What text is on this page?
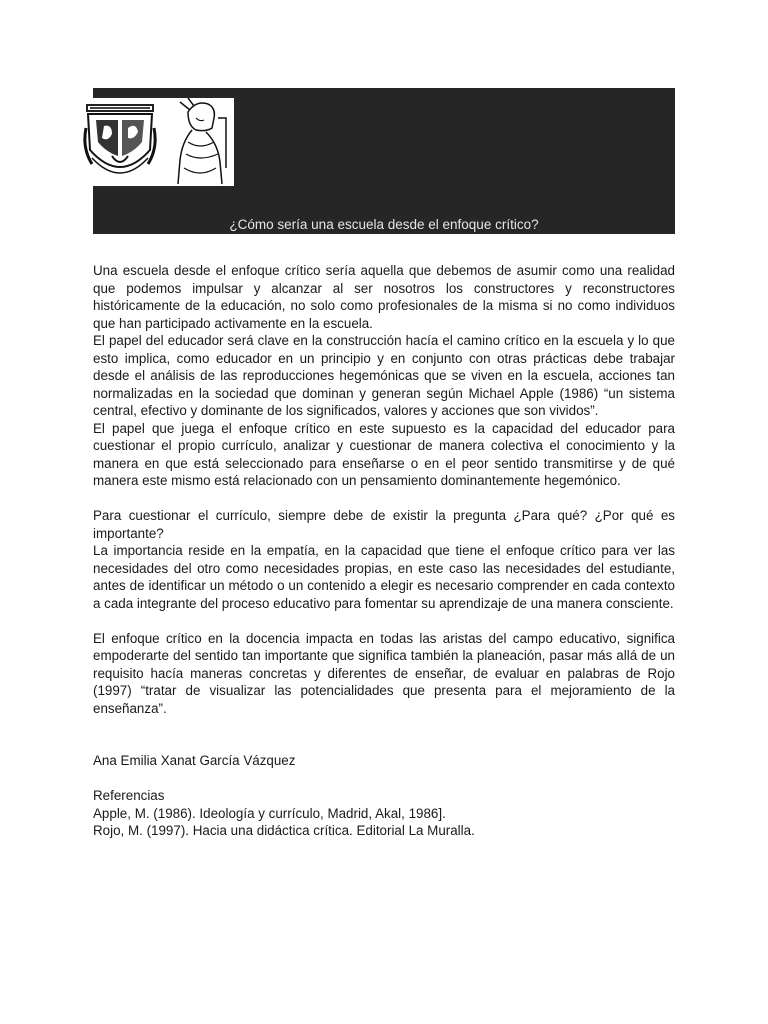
¿Cómo sería una escuela desde el enfoque crítico?

Una escuela desde el enfoque crítico sería aquella que debemos de asumir como una realidad que podemos impulsar y alcanzar al ser nosotros los constructores y reconstructores históricamente de la educación, no solo como profesionales de la misma si no como individuos que han participado activamente en la escuela.

El papel del educador será clave en la construcción hacía el camino crítico en la escuela y lo que esto implica, como educador en un principio y en conjunto con otras prácticas debe trabajar desde el análisis de las reproducciones hegemónicas que se viven en la escuela, acciones tan normalizadas en la sociedad que dominan y generan según Michael Apple (1986) “un sistema central, efectivo y dominante de los significados, valores y acciones que son vividos”.

El papel que juega el enfoque crítico en este supuesto es la capacidad del educador para cuestionar el propio currículo, analizar y cuestionar de manera colectiva el conocimiento y la manera en que está seleccionado para enseñarse o en el peor sentido transmitirse y de qué manera este mismo está relacionado con un pensamiento dominantemente hegemónico.

Para cuestionar el currículo, siempre debe de existir la pregunta ¿Para qué? ¿Por qué es importante?

La importancia reside en la empatía, en la capacidad que tiene el enfoque crítico para ver las necesidades del otro como necesidades propias, en este caso las necesidades del estudiante, antes de identificar un método o un contenido a elegir es necesario comprender en cada contexto a cada integrante del proceso educativo para fomentar su aprendizaje de una manera consciente.

El enfoque crítico en la docencia impacta en todas las aristas del campo educativo, significa empoderarte del sentido tan importante que significa también la planeación, pasar más allá de un requisito hacía maneras concretas y diferentes de enseñar, de evaluar en palabras de Rojo (1997) “tratar de visualizar las potencialidades que presenta para el mejoramiento de la enseñanza”.

Ana Emilia Xanat García Vázquez

Referencias

Apple, M. (1986). Ideología y currículo, Madrid, Akal, 1986].

Rojo, M. (1997). Hacia una didáctica crítica. Editorial La Muralla.
